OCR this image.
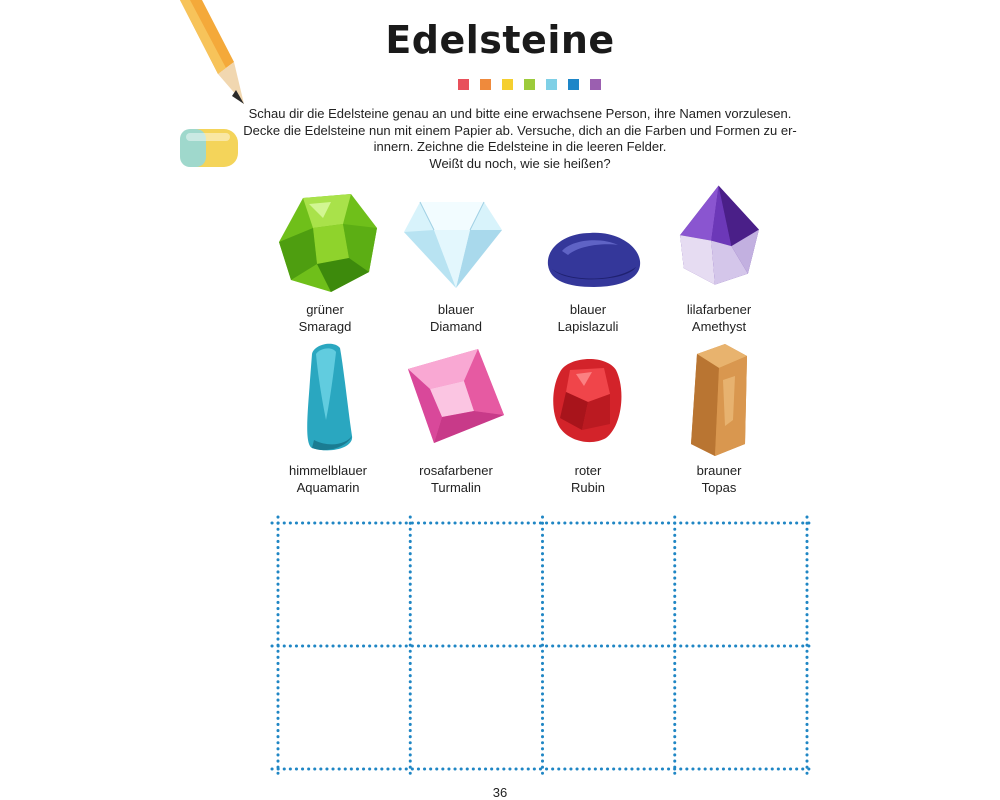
Edelsteine

Schau dir die Edelsteine genau an und bitte eine erwachsene Person, ihre Namen vorzulesen.
Decke die Edelsteine nun mit einem Papier ab. Versuche, dich an die Farben und Formen zu er-
innern. Zeichne die Edelsteine in die leeren Felder.
Weißt du noch, wie sie heißen?

grüner
Smaragd
blauer
Diamand
blauer
Lapislazuli
lilafarbener
Amethyst
himmelblauer
Aquamarin
rosafarbener
Turmalin
roter
Rubin
brauner
Topas
36
